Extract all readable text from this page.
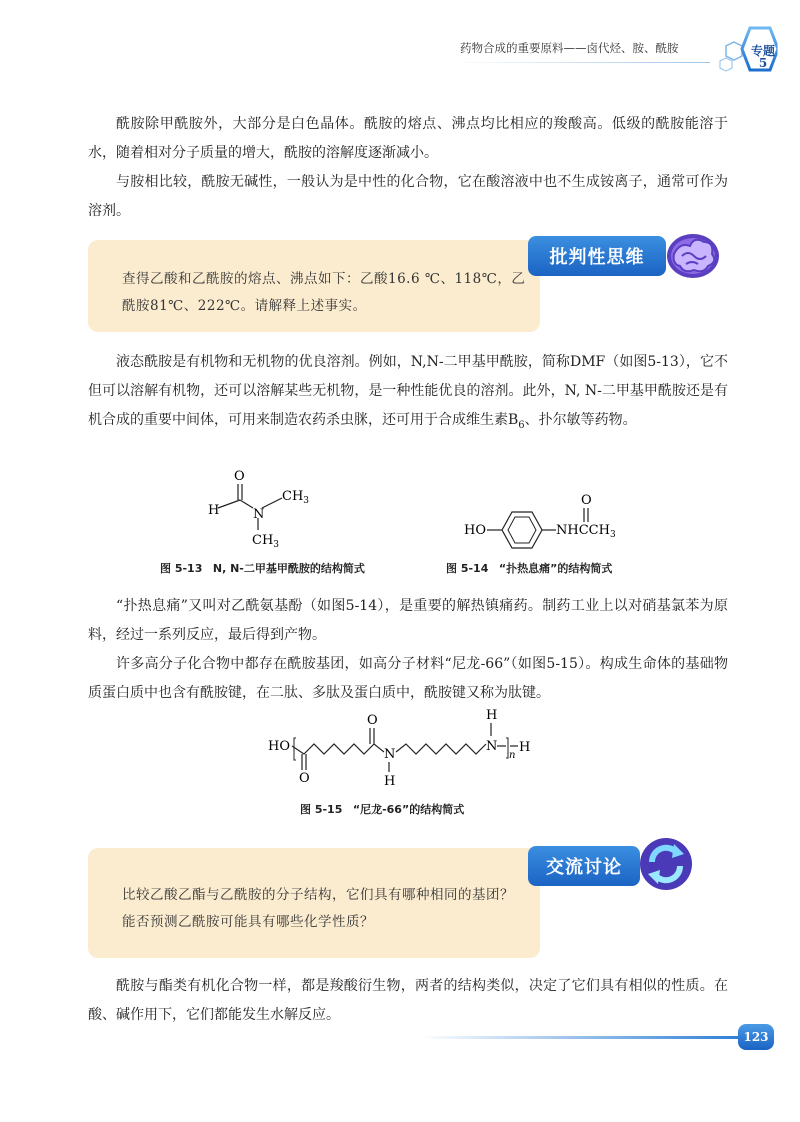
药物合成的重要原料——卤代烃、胺、酰胺	专题
5

酰胺除甲酰胺外，大部分是白色晶体。酰胺的熔点、沸点均比相应的羧酸高。低级的酰胺能溶于水，随着相对分子质量的增大，酰胺的溶解度逐渐减小。

与胺相比较，酰胺无碱性，一般认为是中性的化合物，它在酸溶液中也不生成铵离子，通常可作为溶剂。

查得乙酸和乙酰胺的熔点、沸点如下：乙酸16.6 ℃、118℃，乙酰胺81℃、222℃。请解释上述事实。
批判性思维

液态酰胺是有机物和无机物的优良溶剂。例如，N,N-二甲基甲酰胺，简称DMF（如图5-13），它不但可以溶解有机物，还可以溶解某些无机物，是一种性能优良的溶剂。此外，N, N-二甲基甲酰胺还是有机合成的重要中间体，可用来制造农药杀虫脒，还可用于合成维生素$B_6$、扑尔敏等药物。

O
H	N
$CH_3$
$CH_3$
图 5-13 N, N-二甲基甲酰胺的结构简式
HO	$NHCCH_3$
O
图 5-14 “扑热息痛”的结构简式

“扑热息痛”又叫对乙酰氨基酚（如图5-14），是重要的解热镇痛药。制药工业上以对硝基氯苯为原料，经过一系列反应，最后得到产物。

许多高分子化合物中都存在酰胺基团，如高分子材料“尼龙-66”（如图5-15）。构成生命体的基础物质蛋白质中也含有酰胺键，在二肽、多肽及蛋白质中，酰胺键又称为肽键。

HO
O
O
N
H
H
N
n
H
图 5-15 “尼龙-66”的结构简式
比较乙酸乙酯与乙酰胺的分子结构，它们具有哪种相同的基团？能否预测乙酰胺可能具有哪些化学性质？
交流讨论

酰胺与酯类有机化合物一样，都是羧酸衍生物，两者的结构类似，决定了它们具有相似的性质。在酸、碱作用下，它们都能发生水解反应。

123
